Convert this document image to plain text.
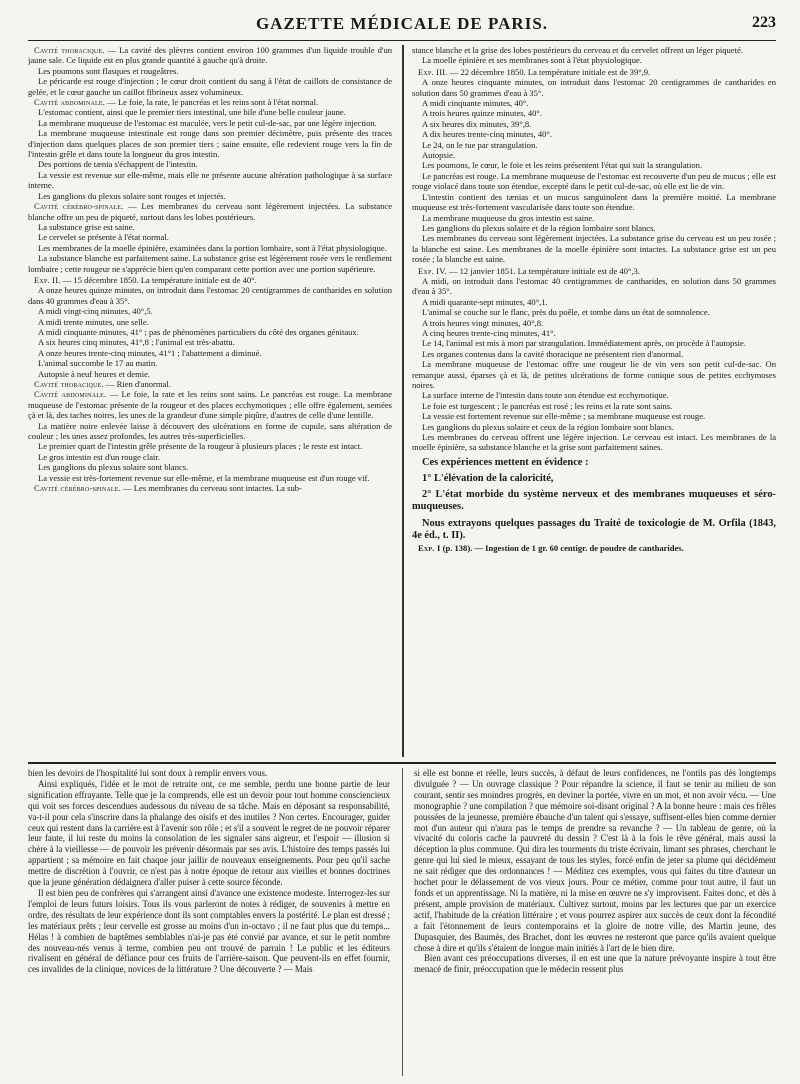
GAZETTE MÉDICALE DE PARIS.	223

Cavité thoracique. — La cavité des plèvres contient environ 100 grammes d'un liquide trouble d'un jaune sale. Ce liquide est en plus grande quantité à gauche qu'à droite.

Les poumons sont flasques et rougeâtres.

Le péricarde est rouge d'injection ; le cœur droit contient du sang à l'état de caillots de consistance de gelée, et le cœur gauche un caillot fibrineux assez volumineux.

Cavité abdominale. — Le foie, la rate, le pancréas et les reins sont à l'état normal.

L'estomac contient, ainsi que le premier tiers intestinal, une bile d'une belle couleur jaune.

La membrane muqueuse de l'estomac est maculée, vers le petit cul-de-sac, par une légère injection.

La membrane muqueuse intestinale est rouge dans son premier décimètre, puis présente des traces d'injection dans quelques places de son premier tiers ; saine ensuite, elle redevient rouge vers la fin de l'intestin grêle et dans toute la longueur du gros intestin.

Des portions de tænia s'échappent de l'intestin.

La vessie est revenue sur elle-même, mais elle ne présente aucune altération pathologique à sa surface interne.

Les ganglions du plexus solaire sont rouges et injectés.

Cavité cérébro-spinale. — Les membranes du cerveau sont légèrement injectées. La substance blanche offre un peu de piqueté, surtout dans les lobes postérieurs.

La substance grise est saine.

Le cervelet se présente à l'état normal.

Les membranes de la moelle épinière, examinées dans la portion lombaire, sont à l'état physiologique.

La substance blanche est parfaitement saine. La substance grise est légèrement rosée vers le renflement lombaire ; cette rougeur ne s'apprécie bien qu'en comparant cette portion avec une portion supérieure.

Exp. II. — 15 décembre 1850. La température initiale est de 40°.

A onze heures quinze minutes, on introduit dans l'estomac 20 centigrammes de cantharides en solution dans 40 grammes d'eau à 35°.

A midi vingt-cinq minutes, 40°,5.

A midi trente minutes, une selle.

A midi cinquante minutes, 41° ; pas de phénomènes particuliers du côté des organes génitaux.

A six heures cinq minutes, 41°,8 ; l'animal est très-abattu.

A onze heures trente-cinq minutes, 41°1 ; l'abattement a diminué.

L'animal succombe le 17 au matin.

Autopsie à neuf heures et demie.

Cavité thoracique. — Rien d'anormal.

Cavité abdominale. — Le foie, la rate et les reins sont sains. Le pancréas est rouge. La membrane muqueuse de l'estomac présente de la rougeur et des places ecchymotiques ; elle offre également, semées çà et là, des taches noires, les unes de la grandeur d'une simple piqûre, d'autres de celle d'une lentille.

La matière noire enlevée laisse à découvert des ulcérations en forme de cupule, sans altération de couleur ; les unes assez profondes, les autres très-superficielles.

Le premier quart de l'intestin grêle présente de la rougeur à plusieurs places ; le reste est intact.

Le gros intestin est d'un rouge clair.

Les ganglions du plexus solaire sont blancs.

La vessie est très-fortement revenue sur elle-même, et la membrane muqueuse est d'un rouge vif.

Cavité cérébro-spinale. — Les membranes du cerveau sont intactes. La sub-

stance blanche et la grise des lobes postérieurs du cerveau et du cervelet offrent un léger piqueté.

La moelle épinière et ses membranes sont à l'état physiologique.

Exp. III. — 22 décembre 1850. La température initiale est de 39°,9.

A onze heures cinquante minutes, on introduit dans l'estomac 20 centigrammes de cantharides en solution dans 50 grammes d'eau à 35°.

A midi cinquante minutes, 40°.

A trois heures quinze minutes, 40°.

A six heures dix minutes, 39°,8.

A dix heures trente-cinq minutes, 40°.

Le 24, on le tue par strangulation.

Autopsie.

Les poumons, le cœur, le foie et les reins présentent l'état qui suit la strangulation.

Le pancréas est rouge. La membrane muqueuse de l'estomac est recouverte d'un peu de mucus ; elle est rouge violacé dans toute son étendue, excepté dans le petit cul-de-sac, où elle est lie de vin.

L'intestin contient des tænias et un mucus sanguinolent dans la première moitié. La membrane muqueuse est très-fortement vascularisée dans toute son étendue.

La membrane muqueuse du gros intestin est saine.

Les ganglions du plexus solaire et de la région lombaire sont blancs.

Les membranes du cerveau sont légèrement injectées. La substance grise du cerveau est un peu rosée ; la blanche est saine. Les membranes de la moelle épinière sont intactes. La substance grise est un peu rosée ; la blanche est saine.

Exp. IV. — 12 janvier 1851. La température initiale est de 40°,3.

A midi, on introduit dans l'estomac 40 centigrammes de cantharides, en solution dans 50 grammes d'eau à 35°.

A midi quarante-sept minutes, 40°,1.

L'animal se couche sur le flanc, près du poêle, et tombe dans un état de somnolence.

A trois heures vingt minutes, 40°,8.

A cinq heures trente-cinq minutes, 41°.

Le 14, l'animal est mis à mort par strangulation. Immédiatement après, on procède à l'autopsie.

Les organes contenus dans la cavité thoracique ne présentent rien d'anormal.

La membrane muqueuse de l'estomac offre une rougeur lie de vin vers son petit cul-de-sac. On remarque aussi, éparses çà et là, de petites ulcérations de forme conique sous de petites ecchymoses noires.

La surface interne de l'intestin dans toute son étendue est ecchymotique.

Le foie est turgescent ; le pancréas est rosé ; les reins et la rate sont sains.

La vessie est fortement revenue sur elle-même ; sa membrane muqueuse est rouge.

Les ganglions du plexus solaire et ceux de la région lombaire sont blancs.

Les membranes du cerveau offrent une légère injection. Le cerveau est intact. Les membranes de la moelle épinière, sa substance blanche et la grise sont parfaitement saines.

Ces expériences mettent en évidence :

1° L'élévation de la caloricité,

2° L'état morbide du système nerveux et des membranes muqueuses et séro-muqueuses.

Nous extrayons quelques passages du Traité de toxicologie de M. Orfila (1843, 4e éd., t. II).

Exp. I (p. 138). — Ingestion de 1 gr. 60 centigr. de poudre de cantharides.

bien les devoirs de l'hospitalité lui sont doux à remplir envers vous.

Ainsi expliqués, l'idée et le mot de retraite ont, ce me semble, perdu une bonne partie de leur signification effrayante. Telle que je la comprends, elle est un devoir pour tout homme consciencieux qui voit ses forces descendues audessous du niveau de sa tâche. Mais en déposant sa responsabilité, va-t-il pour cela s'inscrire dans la phalange des oisifs et des inutiles ? Non certes. Encourager, guider ceux qui restent dans la carrière est à l'avenir son rôle ; et s'il a souvent le regret de ne pouvoir réparer leur faute, il lui reste du moins la consolation de les signaler sans aigreur, et l'espoir — illusion si chère à la vieillesse — de pouvoir les prévenir désormais par ses avis. L'histoire des temps passés lui appartient ; sa mémoire en fait chaque jour jaillir de nouveaux enseignements. Pour peu qu'il sache mettre de discrétion à l'ouvrir, ce n'est pas à notre époque de retour aux vieilles et bonnes doctrines que la jeune génération dédaignera d'aller puiser à cette source féconde.

Il est bien peu de confrères qui s'arrangent ainsi d'avance une existence modeste. Interrogez-les sur l'emploi de leurs futurs loisirs. Tous ils vous parleront de notes à rédiger, de souvenirs à mettre en ordre, des résultats de leur expérience dont ils sont comptables envers la postérité. Le plan est dressé ; les matériaux prêts ; leur cervelle est grosse au moins d'un in-octavo ; il ne faut plus que du temps... Hélas ! à combien de baptêmes semblables n'ai-je pas été convié par avance, et sur le petit nombre des nouveau-nés venus à terme, combien peu ont trouvé de parrain ! Le public et les éditeurs rivalisent en général de défiance pour ces fruits de l'arrière-saison. Que peuvent-ils en effet fournir, ces invalides de la clinique, novices de la littérature ? Une découverte ? — Mais

si elle est bonne et réelle, leurs succès, à défaut de leurs confidences, ne l'ontils pas dès longtemps divulguée ? — Un ouvrage classique ? Pour répandre la science, il faut se tenir au milieu de son courant, sentir ses moindres progrès, en deviner la portée, vivre en un mot, et non avoir vécu. — Une monographie ? une compilation ? que mémoire soi-disant original ? A la bonne heure : mais ces frêles poussées de la jeunesse, première ébauche d'un talent qui s'essaye, suffisent-elles bien comme dernier mot d'un auteur qui n'aura pas le temps de prendre sa revanche ? — Un tableau de genre, où la vivacité du coloris cache la pauvreté du dessin ? C'est là à la fois le rêve général, mais aussi la déception la plus commune. Qui dira les tourments du triste écrivain, limant ses phrases, cherchant le genre qui lui sied le mieux, essayant de tous les styles, forcé enfin de jeter sa plume qui décidément ne sait rédiger que des ordonnances ! — Méditez ces exemples, vous qui faites du titre d'auteur un hochet pour le délassement de vos vieux jours. Pour ce métier, comme pour tout autre, il faut un fonds et un apprentissage. Ni la matière, ni la mise en œuvre ne s'y improvisent. Faites donc, et dès à présent, ample provision de matériaux. Cultivez surtout, moins par les lectures que par un exercice actif, l'habitude de la création littéraire ; et vous pourrez aspirer aux succès de ceux dont la fécondité a fait l'étonnement de leurs contemporains et la gloire de notre ville, des Martin jeune, des Dupasquier, des Baumès, des Brachet, dont les œuvres ne resteront que parce qu'ils avaient quelque chose à dire et qu'ils s'étaient de longue main initiés à l'art de le bien dire.

Bien avant ces préoccupations diverses, il en est une que la nature prévoyante inspire à tout être menacé de finir, préoccupation que le médecin ressent plus
